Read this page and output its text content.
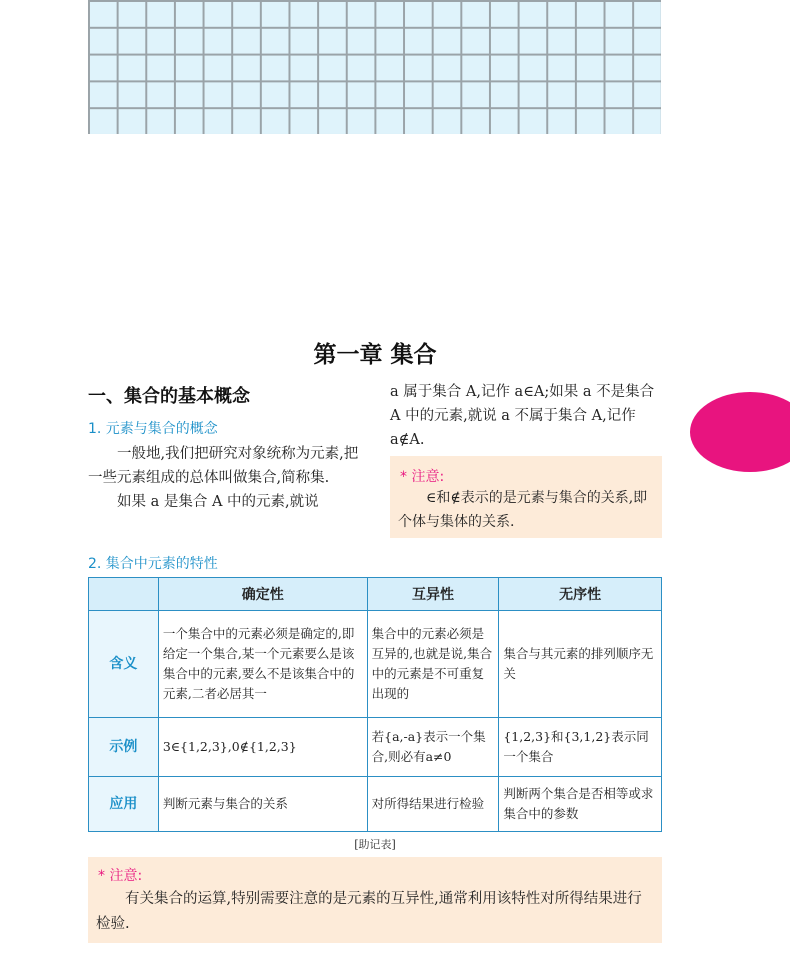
第一章 集合
一、集合的基本概念
1. 元素与集合的概念

一般地,我们把研究对象统称为元素,把一些元素组成的总体叫做集合,简称集.

如果 a 是集合 A 中的元素,就说

a 属于集合 A,记作 a∈A;如果 a 不是集合 A 中的元素,就说 a 不属于集合 A,记作 a∉A.
* 注意:
∈和∉表示的是元素与集合的关系,即个体与集体的关系.
2. 集合中元素的特性
	确定性	互异性	无序性
含义	一个集合中的元素必须是确定的,即给定一个集合,某一个元素要么是该集合中的元素,要么不是该集合中的元素,二者必居其一	集合中的元素必须是互异的,也就是说,集合中的元素是不可重复出现的	集合与其元素的排列顺序无关
示例	3∈{1,2,3},0∉{1,2,3}	若{a,-a}表示一个集合,则必有a≠0	{1,2,3}和{3,1,2}表示同一个集合
应用	判断元素与集合的关系	对所得结果进行检验	判断两个集合是否相等或求集合中的参数
[助记表]
* 注意:
有关集合的运算,特别需要注意的是元素的互异性,通常利用该特性对所得结果进行检验.
